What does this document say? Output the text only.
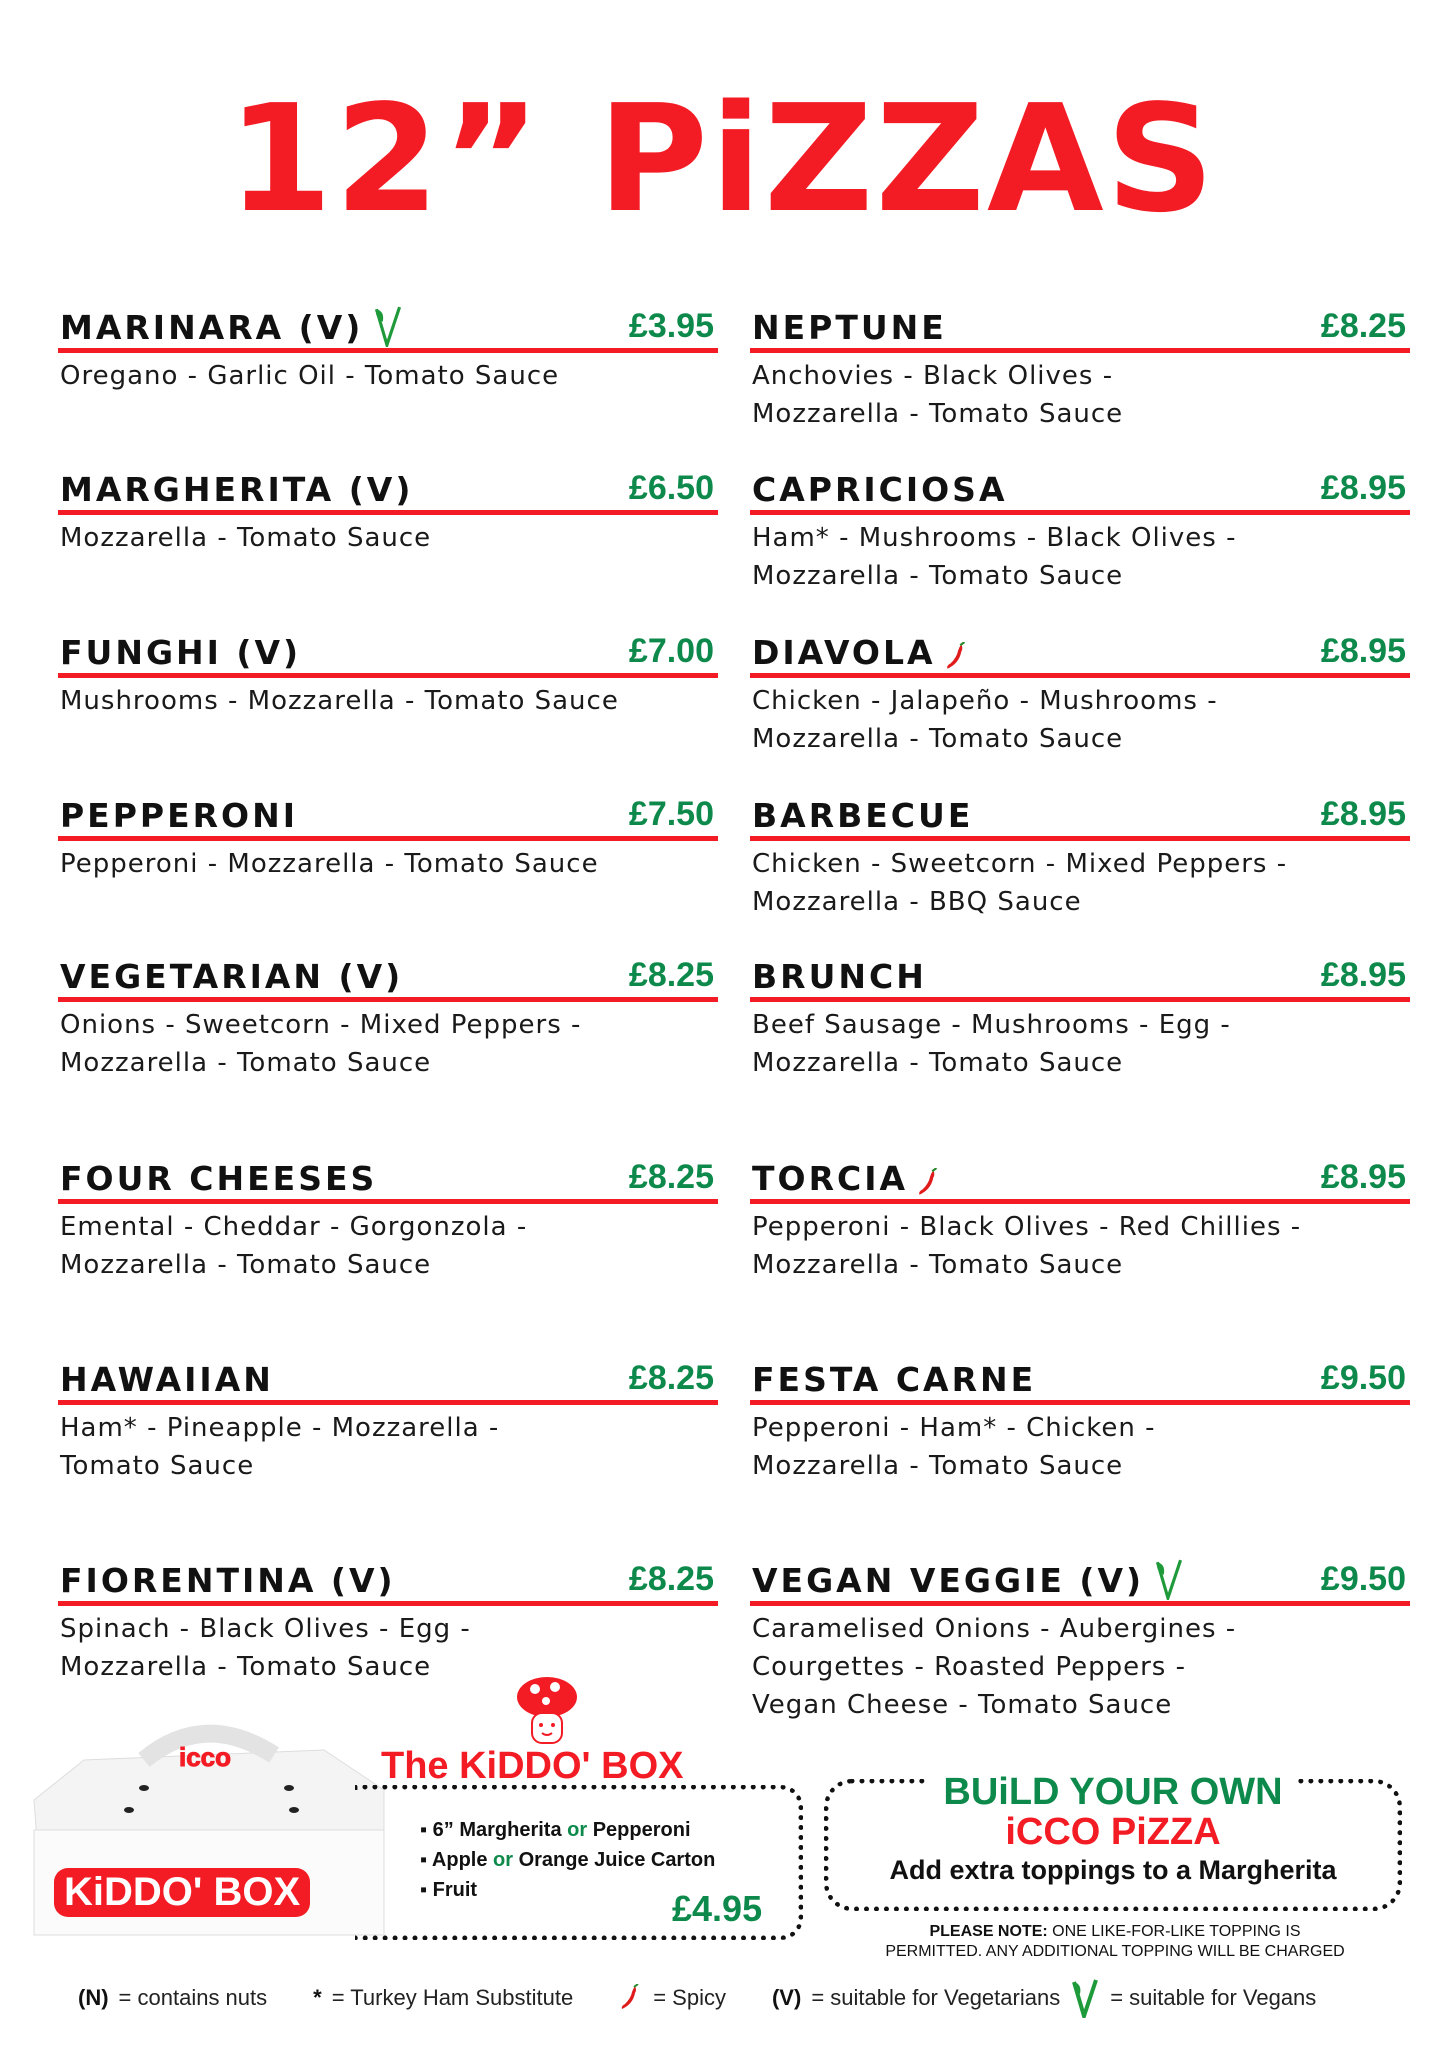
12” PiZZAS
MARINARA (V)	£3.95
Oregano - Garlic Oil - Tomato Sauce
MARGHERITA (V)	£6.50
Mozzarella - Tomato Sauce
FUNGHI (V)	£7.00
Mushrooms - Mozzarella - Tomato Sauce
PEPPERONI	£7.50
Pepperoni - Mozzarella - Tomato Sauce
VEGETARIAN (V)	£8.25
Onions - Sweetcorn - Mixed Peppers -
Mozzarella - Tomato Sauce
FOUR CHEESES	£8.25
Emental - Cheddar - Gorgonzola -
Mozzarella - Tomato Sauce
HAWAIIAN	£8.25
Ham* - Pineapple - Mozzarella -
Tomato Sauce
FIORENTINA (V)	£8.25
Spinach - Black Olives - Egg -
Mozzarella - Tomato Sauce
NEPTUNE	£8.25
Anchovies - Black Olives -
Mozzarella - Tomato Sauce
CAPRICIOSA	£8.95
Ham* - Mushrooms - Black Olives -
Mozzarella - Tomato Sauce
DIAVOLA	£8.95
Chicken - Jalapeño - Mushrooms -
Mozzarella - Tomato Sauce
BARBECUE	£8.95
Chicken - Sweetcorn - Mixed Peppers -
Mozzarella - BBQ Sauce
BRUNCH	£8.95
Beef Sausage - Mushrooms - Egg -
Mozzarella - Tomato Sauce
TORCIA	£8.95
Pepperoni - Black Olives - Red Chillies -
Mozzarella - Tomato Sauce
FESTA CARNE	£9.50
Pepperoni - Ham* - Chicken -
Mozzarella - Tomato Sauce
VEGAN VEGGIE (V)	£9.50
Caramelised Onions - Aubergines -
Courgettes - Roasted Peppers -
Vegan Cheese - Tomato Sauce
icco
KiDDO' BOX
The KiDDO' BOX
▪ 6” Margherita or Pepperoni
▪ Apple or Orange Juice Carton
▪ Fruit	£4.95
BUiLD YOUR OWN
iCCO PiZZA
Add extra toppings to a Margherita
PLEASE NOTE: ONE LIKE-FOR-LIKE TOPPING IS
PERMITTED. ANY ADDITIONAL TOPPING WILL BE CHARGED
(N) = contains nuts * = Turkey Ham Substitute	= Spicy (V) = suitable for Vegetarians = suitable for Vegans
